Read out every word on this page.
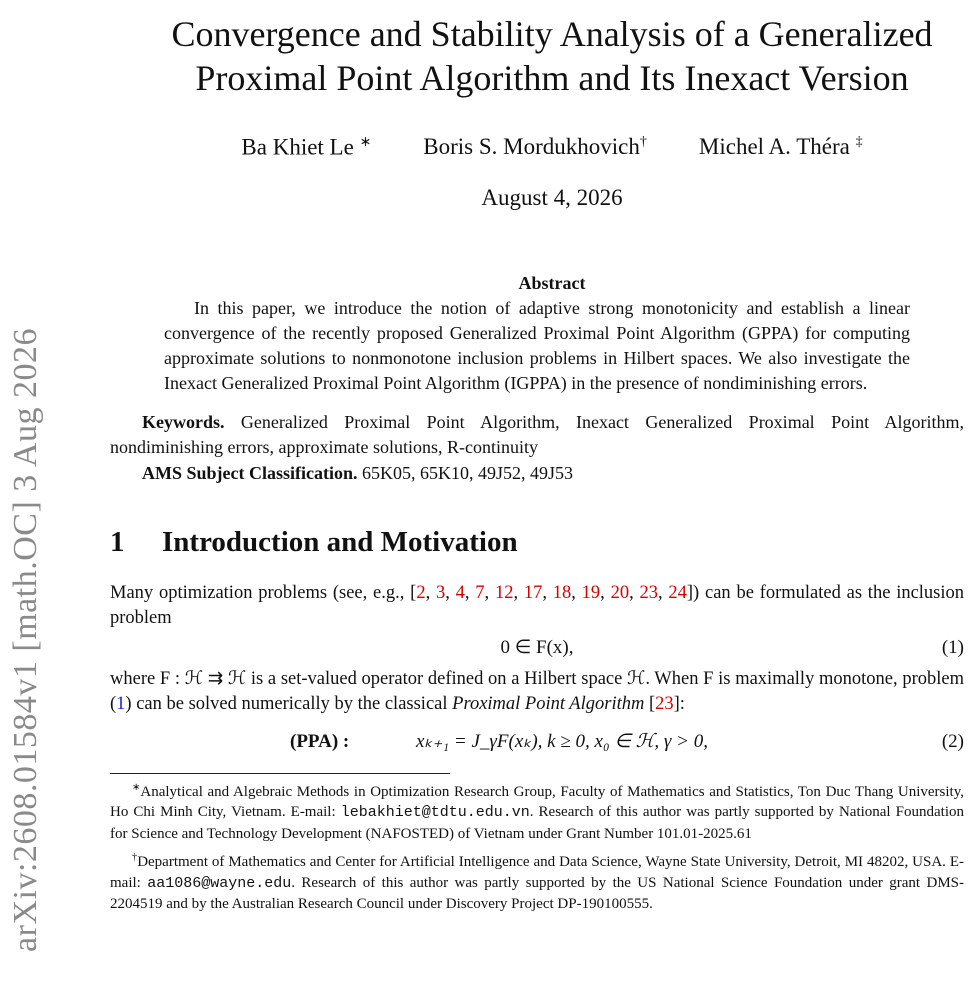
arXiv:2608.01584v1 [math.OC] 3 Aug 2026
Convergence and Stability Analysis of a Generalized
Proximal Point Algorithm and Its Inexact Version
Ba Khiet Le ∗ Boris S. Mordukhovich† Michel A. Théra ‡
August 4, 2026
Abstract
In this paper, we introduce the notion of adaptive strong monotonicity and establish a linear convergence of the recently proposed Generalized Proximal Point Algorithm (GPPA) for computing approximate solutions to nonmonotone inclusion problems in Hilbert spaces. We also investigate the Inexact Generalized Proximal Point Algorithm (IGPPA) in the presence of nondiminishing errors.
Keywords. Generalized Proximal Point Algorithm, Inexact Generalized Proximal Point Algorithm, nondiminishing errors, approximate solutions, R-continuity
AMS Subject Classification. 65K05, 65K10, 49J52, 49J53
1 Introduction and Motivation
Many optimization problems (see, e.g., [2, 3, 4, 7, 12, 17, 18, 19, 20, 23, 24]) can be formulated as the inclusion problem
0 ∈ F(x),	(1)
where F : ℋ ⇉ ℋ is a set-valued operator defined on a Hilbert space ℋ. When F is maximally monotone, problem (1) can be solved numerically by the classical Proximal Point Algorithm [23]:
(PPA) :	xₖ₊₁ = J_γF(xₖ), k ≥ 0, x₀ ∈ ℋ, γ > 0,	(2)
∗Analytical and Algebraic Methods in Optimization Research Group, Faculty of Mathematics and Statistics, Ton Duc Thang University, Ho Chi Minh City, Vietnam. E-mail: lebakhiet@tdtu.edu.vn. Research of this author was partly supported by National Foundation for Science and Technology Development (NAFOSTED) of Vietnam under Grant Number 101.01-2025.61
†Department of Mathematics and Center for Artificial Intelligence and Data Science, Wayne State University, Detroit, MI 48202, USA. E-mail: aa1086@wayne.edu. Research of this author was partly supported by the US National Science Foundation under grant DMS-2204519 and by the Australian Research Council under Discovery Project DP-190100555.
